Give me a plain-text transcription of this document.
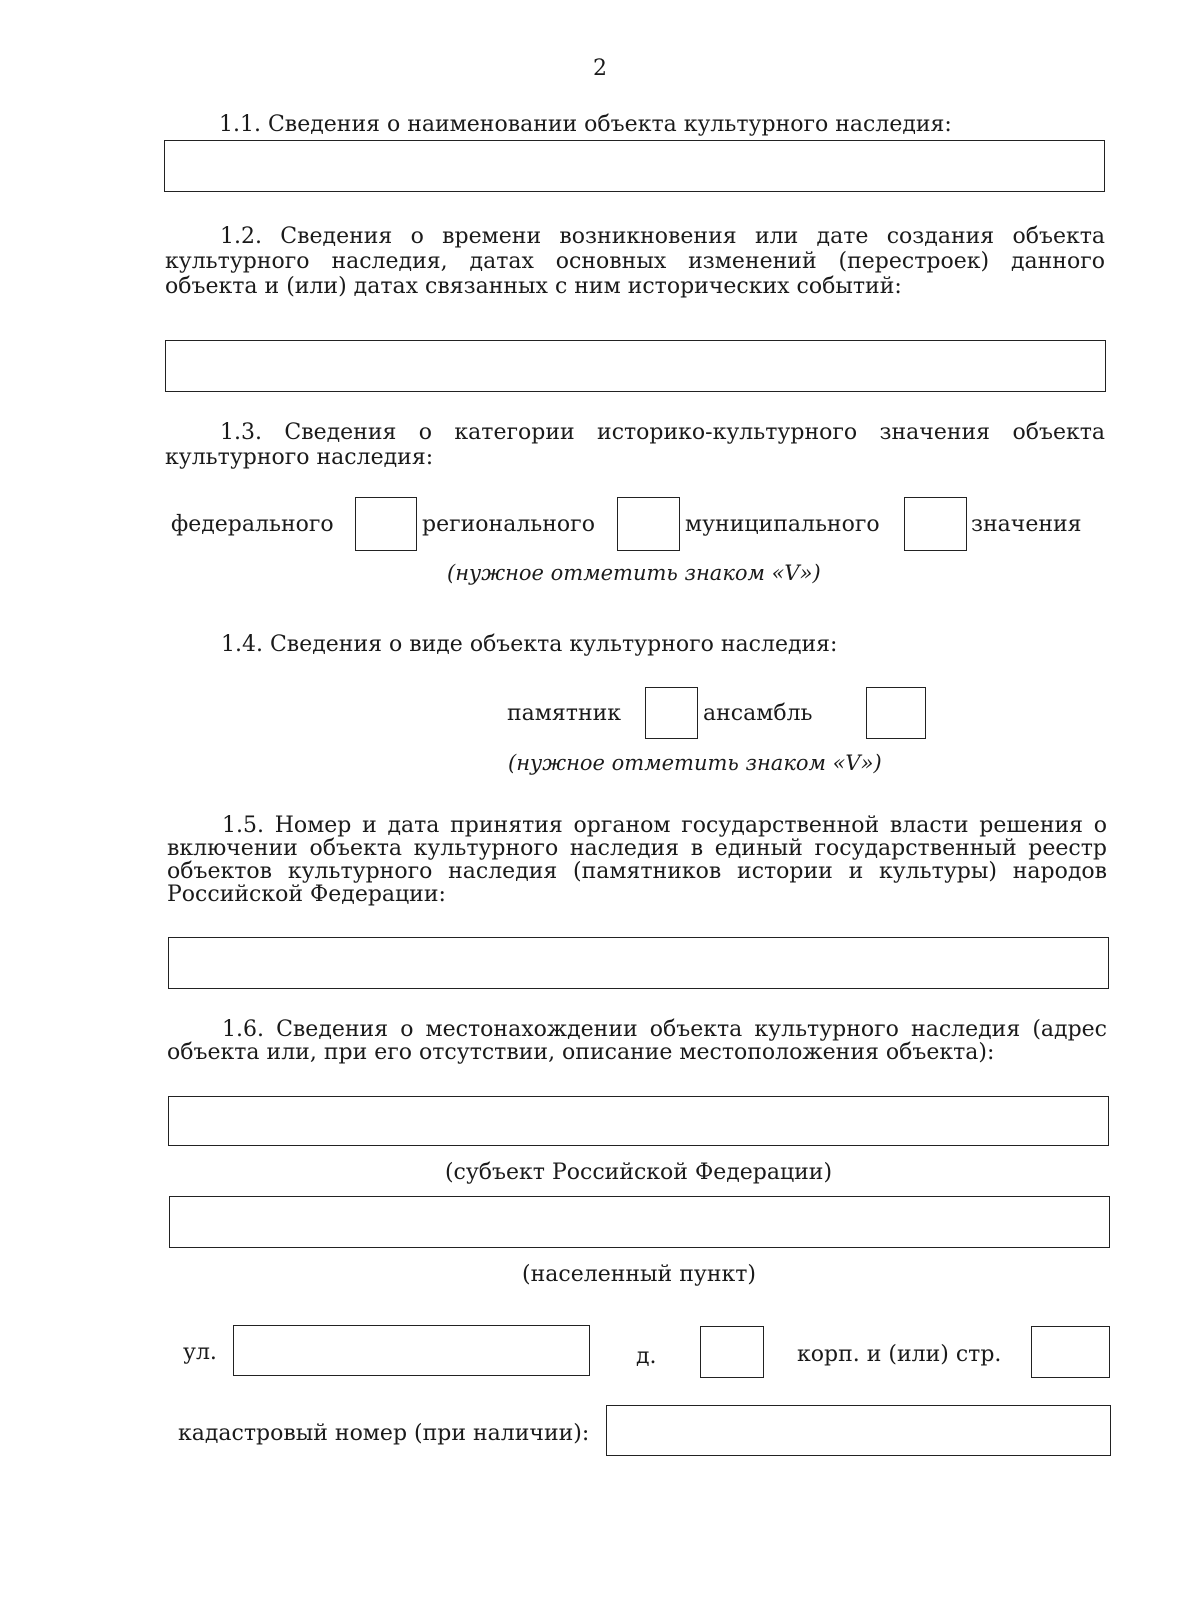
2
1.1. Сведения о наименовании объекта культурного наследия:
1.2. Сведения о времени возникновения или дате создания объекта культурного наследия, датах основных изменений (перестроек) данного объекта и (или) датах связанных с ним исторических событий:
1.3. Сведения о категории историко-культурного значения объекта культурного наследия:
федерального	регионального	муниципального	значения
(нужное отметить знаком «V»)
1.4. Сведения о виде объекта культурного наследия:
памятник	ансамбль
(нужное отметить знаком «V»)
1.5. Номер и дата принятия органом государственной власти решения о включении объекта культурного наследия в единый государственный реестр объектов культурного наследия (памятников истории и культуры) народов Российской Федерации:
1.6. Сведения о местонахождении объекта культурного наследия (адрес объекта или, при его отсутствии, описание местоположения объекта):
(субъект Российской Федерации)
(населенный пункт)
ул.	д.	корп. и (или) стр.
кадастровый номер (при наличии):
